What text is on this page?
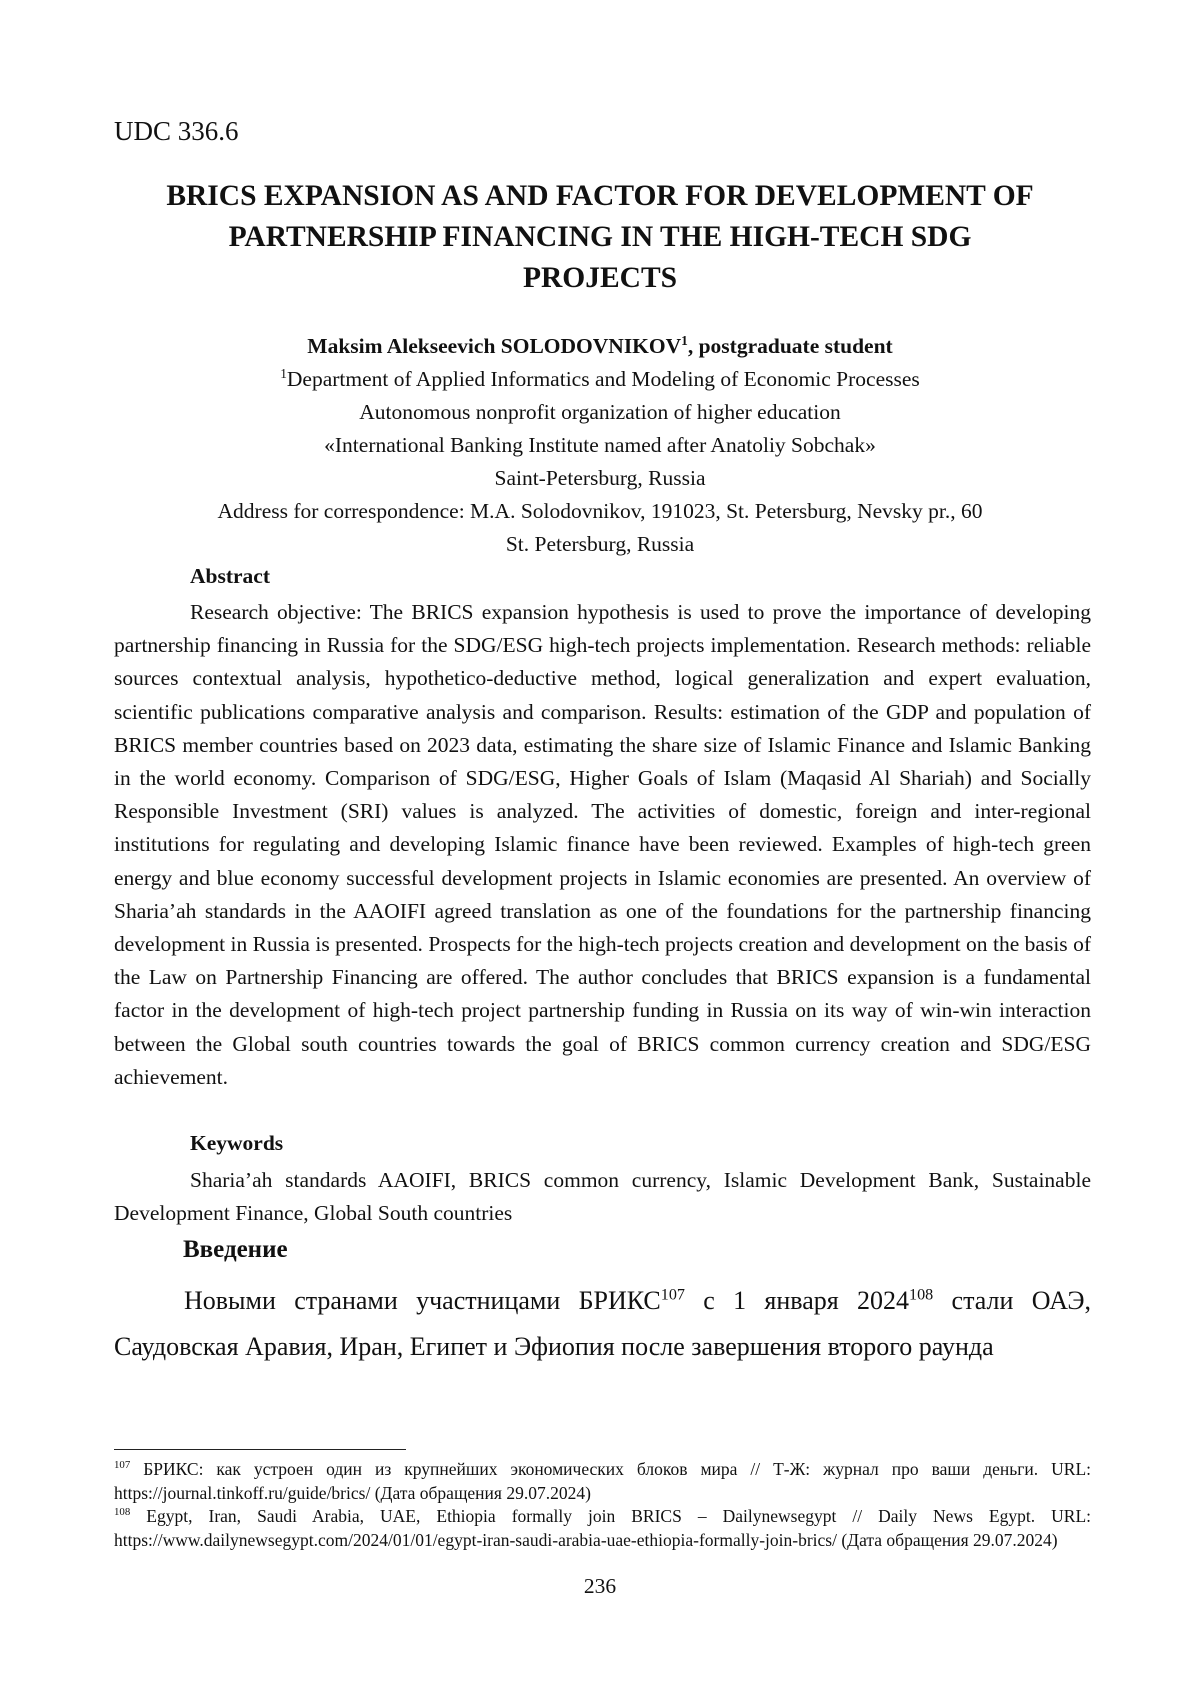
UDC 336.6
BRICS EXPANSION AS AND FACTOR FOR DEVELOPMENT OF
PARTNERSHIP FINANCING IN THE HIGH-TECH SDG
PROJECTS
Maksim Alekseevich SOLODOVNIKOV$^1$, postgraduate student
$^1$Department of Applied Informatics and Modeling of Economic Processes
Autonomous nonprofit organization of higher education
«International Banking Institute named after Anatoliy Sobchak»
Saint-Petersburg, Russia
Address for correspondence: M.A. Solodovnikov, 191023, St. Petersburg, Nevsky pr., 60
St. Petersburg, Russia
Abstract

Research objective: The BRICS expansion hypothesis is used to prove the importance of developing partnership financing in Russia for the SDG/ESG high-tech projects implementation. Research methods: reliable sources contextual analysis, hypothetico-deductive method, logical generalization and expert evaluation, scientific publications comparative analysis and comparison. Results: estimation of the GDP and population of BRICS member countries based on 2023 data, estimating the share size of Islamic Finance and Islamic Banking in the world economy. Comparison of SDG/ESG, Higher Goals of Islam (Maqasid Al Shariah) and Socially Responsible Investment (SRI) values is analyzed. The activities of domestic, foreign and inter-regional institutions for regulating and developing Islamic finance have been reviewed. Examples of high-tech green energy and blue economy successful development projects in Islamic economies are presented. An overview of Sharia’ah standards in the AAOIFI agreed translation as one of the foundations for the partnership financing development in Russia is presented. Prospects for the high-tech projects creation and development on the basis of the Law on Partnership Financing are offered. The author concludes that BRICS expansion is a fundamental factor in the development of high-tech project partnership funding in Russia on its way of win-win interaction between the Global south countries towards the goal of BRICS common currency creation and SDG/ESG achievement.

Keywords

Sharia’ah standards AAOIFI, BRICS common currency, Islamic Development Bank, Sustainable Development Finance, Global South countries

Введение

Новыми странами участницами БРИКС$^{107}$ с 1 января 2024$^{108}$ стали ОАЭ, Саудовская Аравия, Иран, Египет и Эфиопия после завершения второго раунда

$^{107}$ БРИКС: как устроен один из крупнейших экономических блоков мира // Т-Ж: журнал про ваши деньги. URL: https://journal.tinkoff.ru/guide/brics/ (Дата обращения 29.07.2024)

$^{108}$ Egypt, Iran, Saudi Arabia, UAE, Ethiopia formally join BRICS – Dailynewsegypt // Daily News Egypt. URL: https://www.dailynewsegypt.com/2024/01/01/egypt-iran-saudi-arabia-uae-ethiopia-formally-join-brics/ (Дата обращения 29.07.2024)

236
